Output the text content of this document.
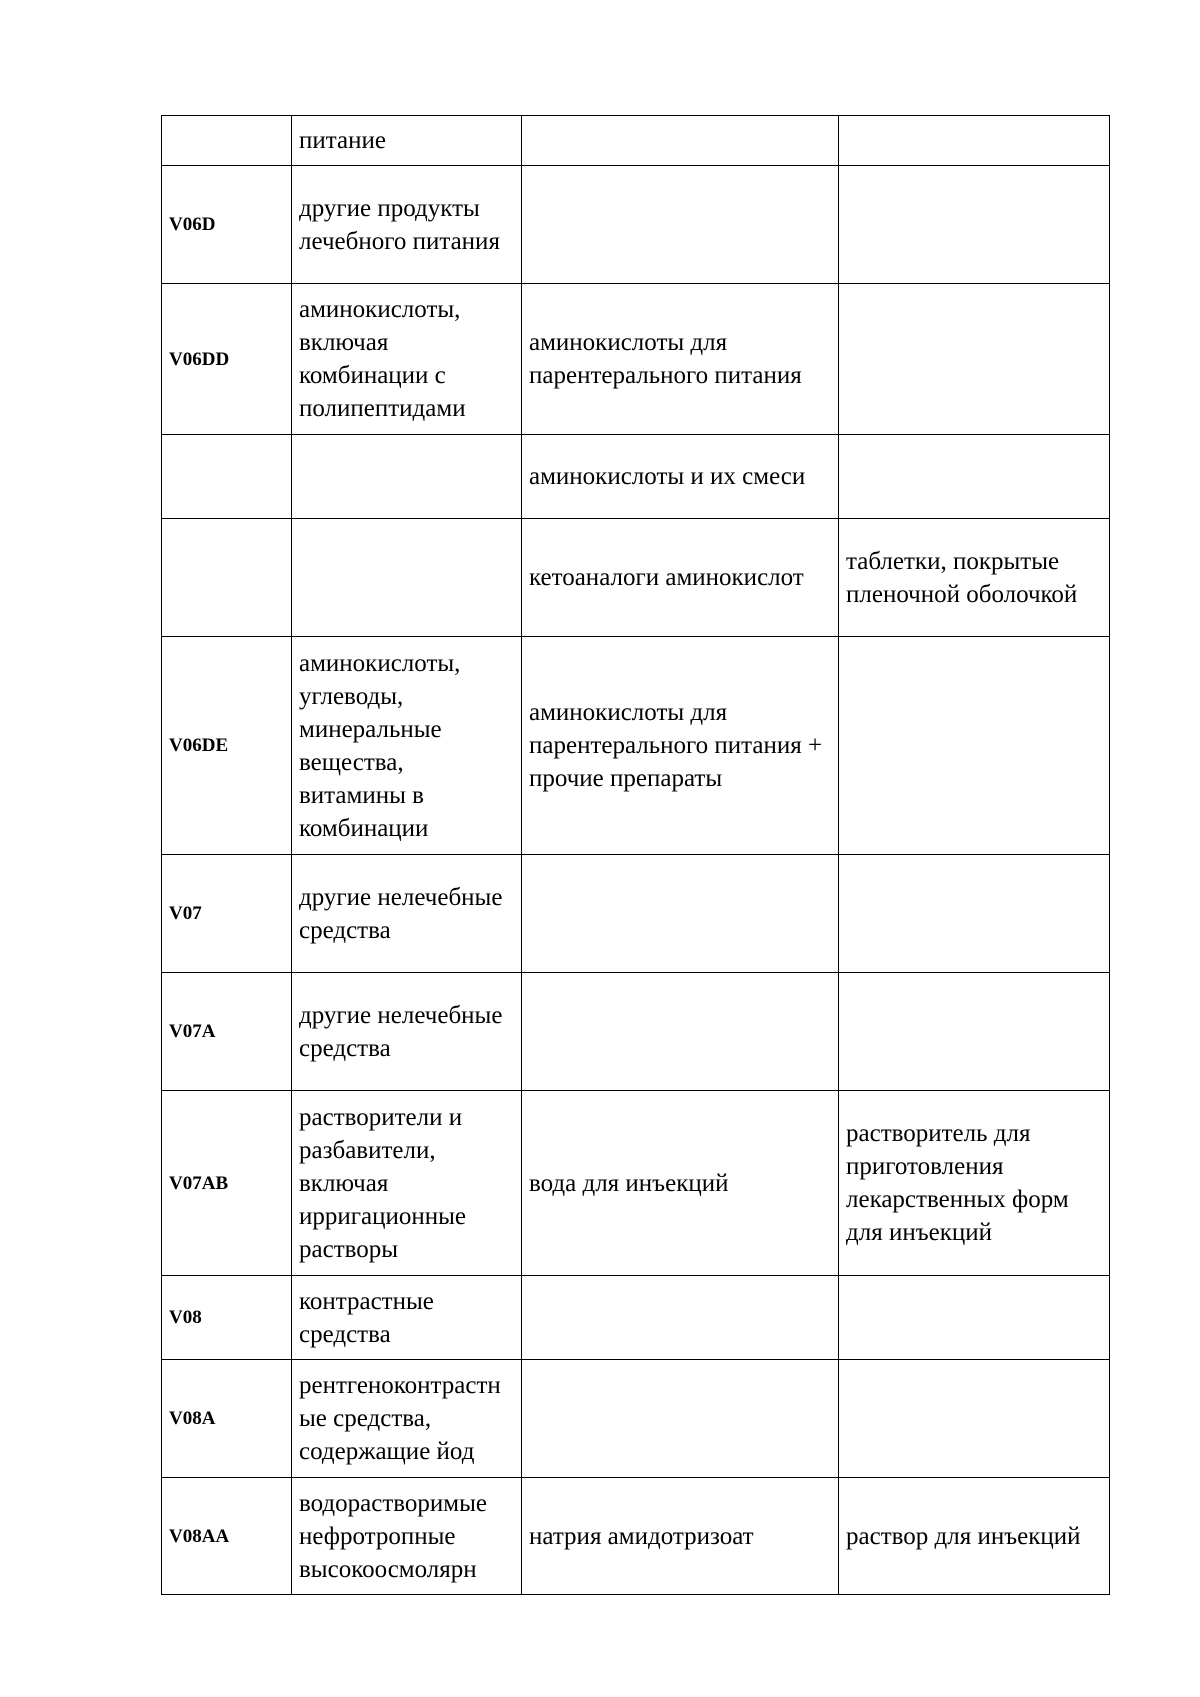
	питание		
V06D	другие продукты лечебного питания		
V06DD	аминокислоты, включая комбинации с полипептидами	аминокислоты для парентерального питания	
		аминокислоты и их смеси	
		кетоаналоги аминокислот	таблетки, покрытые пленочной оболочкой
V06DE	аминокислоты, углеводы, минеральные вещества, витамины в комбинации	аминокислоты для парентерального питания + прочие препараты	
V07	другие нелечебные средства		
V07A	другие нелечебные средства		
V07AB	растворители и разбавители, включая ирригационные растворы	вода для инъекций	растворитель для приготовления лекарственных форм для инъекций
V08	контрастные средства		
V08A	рентгеноконтрастные средства, содержащие йод		
V08AA	водорастворимые нефротропные высокоосмолярн	натрия амидотризоат	раствор для инъекций
